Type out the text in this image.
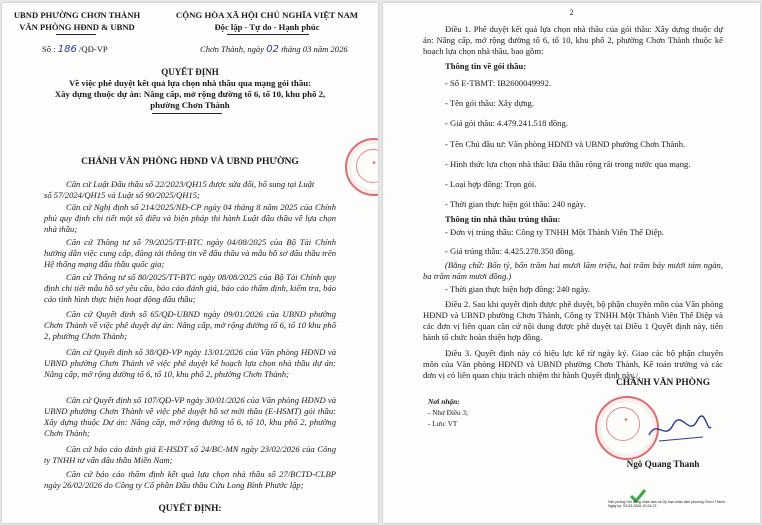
UBND PHƯỜNG CHƠN THÀNH
VĂN PHÒNG HĐND & UBND
CỘNG HÒA XÃ HỘI CHỦ NGHĨA VIỆT NAM
Độc lập - Tự do - Hạnh phúc
Số : 186 /QĐ-VP	Chơn Thành, ngày 02 tháng 03 năm 2026
QUYẾT ĐỊNH
Về việc phê duyệt kết quả lựa chọn nhà thầu qua mạng gói thầu:
Xây dựng thuộc dự án: Nâng cấp, mở rộng đường tổ 6, tổ 10, khu phố 2,
phường Chơn Thành
CHÁNH VĂN PHÒNG HĐND VÀ UBND PHƯỜNG
Căn cứ Luật Đấu thầu số 22/2023/QH15 được sửa đổi, bổ sung tại Luật
số 57/2024/QH15 và Luật số 90/2025/QH15;
Căn cứ Nghị định số 214/2025/NĐ-CP ngày 04 tháng 8 năm 2025 của Chính phủ quy định chi tiết một số điều và biện pháp thi hành Luật đấu thầu về lựa chọn nhà thầu;
Căn cứ Thông tư số 79/2025/TT-BTC ngày 04/08/2025 của Bộ Tài Chính hướng dẫn việc cung cấp, đăng tải thông tin về đấu thầu và mẫu hồ sơ đấu thầu trên Hệ thống mạng đấu thầu quốc gia;
Căn cứ Thông tư số 80/2025/TT-BTC ngày 08/08/2025 của Bộ Tài Chính quy định chi tiết mẫu hồ sơ yêu cầu, báo cáo đánh giá, báo cáo thẩm định, kiểm tra, báo cáo tình hình thực hiện hoạt động đấu thầu;
Căn cứ Quyết định số 65/QĐ-UBND ngày 09/01/2026 của UBND phường Chơn Thành về việc phê duyệt dự án: Nâng cấp, mở rộng đường tổ 6, tổ 10 khu phố 2, phường Chơn Thành;
Căn cứ Quyết định số 38/QĐ-VP ngày 13/01/2026 của Văn phòng HĐND và UBND phường Chơn Thành về việc phê duyệt kế hoạch lựa chọn nhà thầu dự án: Nâng cấp, mở rộng đường tổ 6, tổ 10, khu phố 2, phường Chơn Thành;
Căn cứ Quyết định số 107/QĐ-VP ngày 30/01/2026 của Văn phòng HĐND và UBND phường Chơn Thành về việc phê duyệt hồ sơ mời thầu (E-HSMT) gói thầu: Xây dựng thuộc Dự án: Nâng cấp, mở rộng đường tổ 6, tổ 10, khu phố 2, phường Chơn Thành;
Căn cứ báo cáo đánh giá E-HSDT số 24/BC-MN ngày 23/02/2026 của Công ty TNHH tư vấn đấu thầu Miền Nam;
Căn cứ báo cáo thẩm định kết quả lựa chọn nhà thầu số 27/BCTD-CLBP ngày 26/02/2026 do Công ty Cổ phần Đấu thầu Cửu Long Bình Phước lập;
QUYẾT ĐỊNH:
★
2
Điều 1. Phê duyệt kết quả lựa chọn nhà thầu của gói thầu: Xây dựng thuộc dự án: Nâng cấp, mở rộng đường tổ 6, tổ 10, khu phố 2, phường Chơn Thành thuộc kế hoạch lựa chọn nhà thầu, bao gồm:
Thông tin về gói thầu:
- Số E-TBMT: IB2600049992.
- Tên gói thầu: Xây dựng.
- Giá gói thầu: 4.479.241.518 đồng.
- Tên Chủ đầu tư: Văn phòng HĐND và UBND phường Chơn Thành.
- Hình thức lựa chọn nhà thầu: Đấu thầu rộng rãi trong nước qua mạng.
- Loại hợp đồng: Trọn gói.
- Thời gian thực hiện gói thầu: 240 ngày.
Thông tin nhà thầu trúng thầu:
- Đơn vị trúng thầu: Công ty TNHH Một Thành Viên Thế Điệp.
- Giá trúng thầu: 4.425.278.350 đồng.
(Bằng chữ: Bốn tỷ, bốn trăm hai mươi lăm triệu, hai trăm bảy mươi tám ngàn, ba trăm năm mươi đồng.)
- Thời gian thực hiện hợp đồng: 240 ngày.
Điều 2. Sau khi quyết định được phê duyệt, bộ phận chuyên môn của Văn phòng HĐND và UBND phường Chơn Thành, Công ty TNHH Một Thành Viên Thế Điệp và các đơn vị liên quan căn cứ nội dung được phê duyệt tại Điều 1 Quyết định này, tiến hành tổ chức hoàn thiện hợp đồng.
Điều 3. Quyết định này có hiệu lực kể từ ngày ký. Giao các bộ phận chuyên môn của Văn phòng HĐND và UBND phường Chơn Thành, Kế toán trưởng và các đơn vị có liên quan chịu trách nhiệm thi hành Quyết định này./.
Nơi nhận:
- Như Điều 3;
- Lưu: VT
CHÁNH VĂN PHÒNG
★
Ngô Quang Thanh
Văn phòng Hội đồng nhân dân và Ủy ban nhân dân phường Chơn Thành - Ngày ký: 03-03-2026 10:24:13
